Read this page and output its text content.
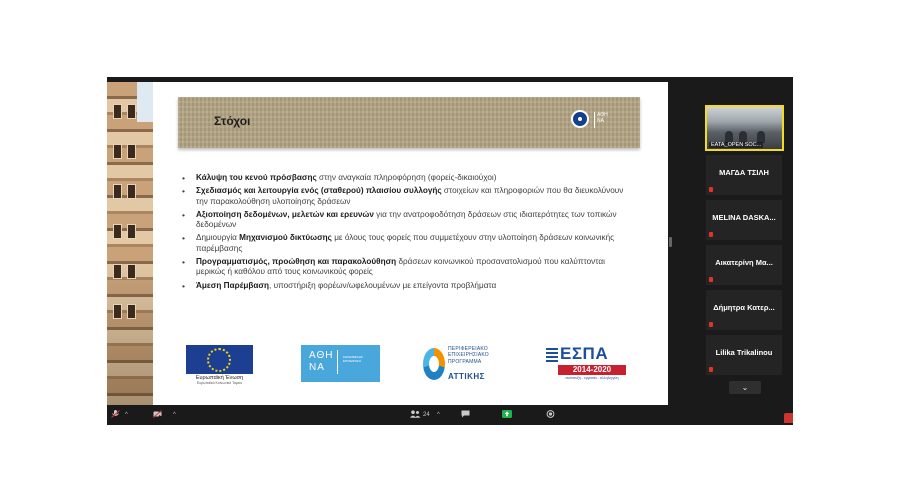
Στόχοι	ΑΘΗ
ΝΑ
• Κάλυψη του κενού πρόσβασης στην αναγκαία πληροφόρηση (φορείς-δικαιούχοι)
• Σχεδιασμός και λειτουργία ενός (σταθερού) πλαισίου συλλογής στοιχείων και πληροφοριών που θα διευκολύνουν την παρακολούθηση υλοποίησης δράσεων
• Αξιοποίηση δεδομένων, μελετών και ερευνών για την ανατροφοδότηση δράσεων στις ιδιαιτερότητες των τοπικών δεδομένων
• Δημιουργία Μηχανισμού δικτύωσης με όλους τους φορείς που συμμετέχουν στην υλοποίηση δράσεων κοινωνικής παρέμβασης
• Προγραμματισμός, προώθηση και παρακολούθηση δράσεων κοινωνικού προσανατολισμού που καλύπτονται μερικώς ή καθόλου από τους κοινωνικούς φορείς
• Άμεση Παρέμβαση, υποστήριξη φορέων/ωφελουμένων με επείγοντα προβλήματα
Ευρωπαϊκή Ένωση
Ευρωπαϊκό Κοινωνικό Ταμείο
ΑΘΗ
ΝΑ
ΚΟΙΝΩΦΕΛΗΣ ΕΠΙΧΕΙΡΗΣΗ
ΠΕΡΙΦΕΡΕΙΑΚΟ
ΕΠΙΧΕΙΡΗΣΙΑΚΟ
ΠΡΟΓΡΑΜΜΑ
ΑΤΤΙΚΗΣ
ΕΣΠΑ
2014-2020
ανάπτυξη - εργασία - αλληλεγγύη
EATA_OPEN SOC...
ΜΑΓΔΑ ΤΣΙΛΗ
MELINA DASKA...
Αικατερίνη Μα...
Δήμητρα Κατερ...
Lilika Trikalinou
⌄
^	^	24 ^
